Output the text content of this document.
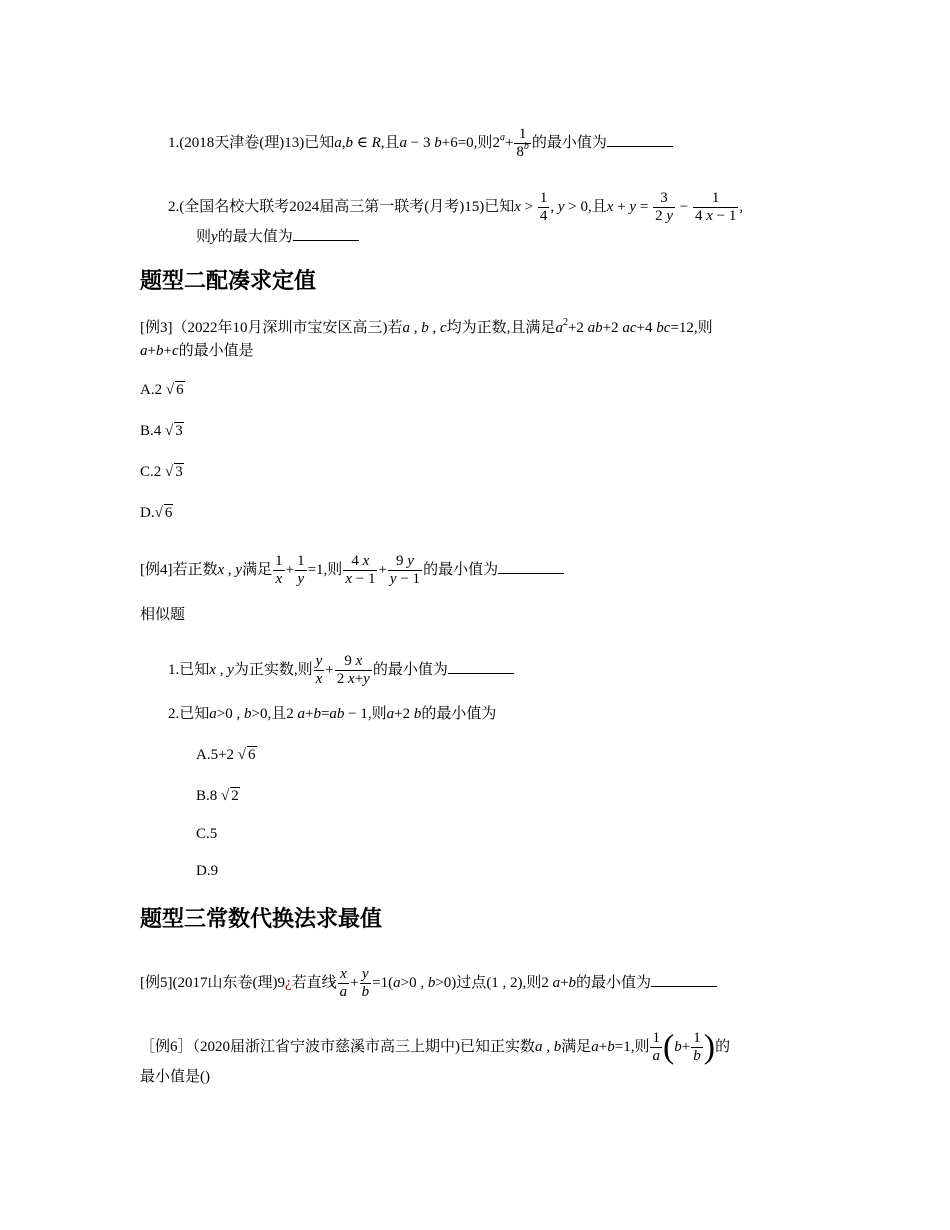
1.(2018天津卷(理)13)已知a,b ∈ R,且a − 3 b+6=0,则$2^a+ \frac{1}{8^b}$ 的最小值为
2.(全国名校大联考2024届高三第一联考(月考)15)已知$x > \frac{1}{4}$ , y > 0,且$x + y = \frac{3}{2 y} - \frac{1}{4 x - 1}$ ,
则y的最大值为
题型二配凑求定值
[例3]（2022年10月深圳市宝安区高三)若a , b , c均为正数,且满足$a^2+2$ ab+2 ac+4 bc=12,则
a+b+c的最小值是
A.2 √ 6
B.4 √ 3
C.2 √ 3
D.√ 6
[例4]若正数x , y满足 $\frac{1}{x} + \frac{1}{y} =1$,则 $\frac{4 x}{x - 1} + \frac{9 y}{y - 1}$ 的最小值为
相似题
1.已知x , y为正实数,则 $\frac{y}{x} + \frac{9 x}{2 x+y}$ 的最小值为
2.已知a>0 , b>0,且2 a+b=ab − 1,则a+2 b的最小值为
A.5+2 √ 6
B.8 √ 2
C.5
D.9
题型三常数代换法求最值
[例5](2017山东卷(理)9¿若直线 $\frac{x}{a} + \frac{y}{b} =1(a>0$ , b>0)过点(1 , 2),则2 a+b的最小值为
［例6］（2020届浙江省宁波市慈溪市高三上期中)已知正实数a , b满足a+b=1,则 $\frac{1}{a} (b+ \frac{1}{b}$ )的
最小值是()
